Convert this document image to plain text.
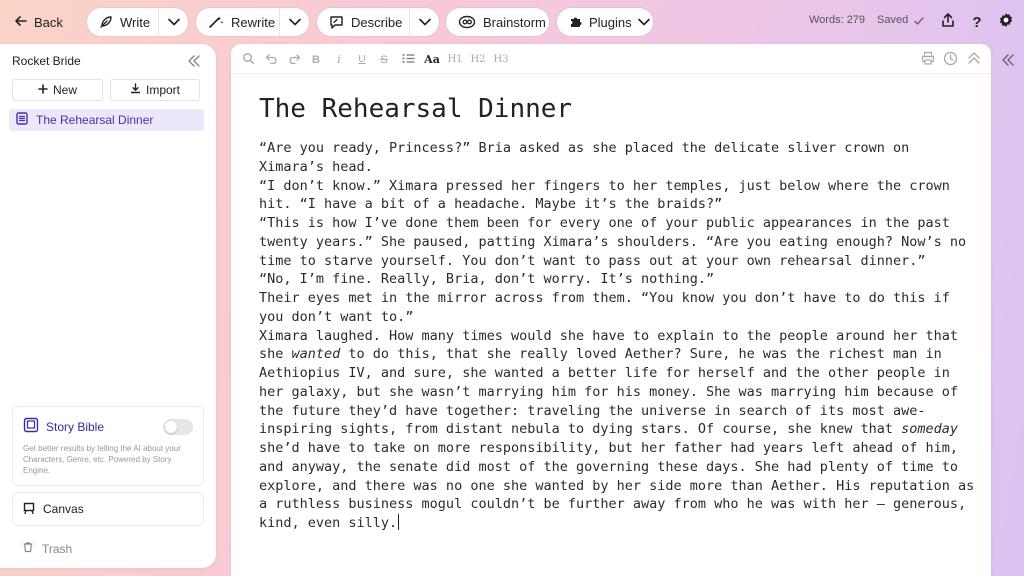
Back	Write	Rewrite	Describe	Brainstorm	Plugins	Words: 279 Saved	?
Rocket Bride
New	Import
The Rehearsal Dinner
Story Bible
Get better results by telling the AI about your Characters, Genre, etc. Powered by Story Engine.
Canvas
Trash
B i U S	Aa H1 H2 H3
The Rehearsal Dinner

“Are you ready, Princess?” Bria asked as she placed the delicate sliver crown on Ximara’s head.

“I don’t know.” Ximara pressed her fingers to her temples, just below where the crown hit. “I have a bit of a headache. Maybe it’s the braids?”

“This is how I’ve done them been for every one of your public appearances in the past twenty years.” She paused, patting Ximara’s shoulders. “Are you eating enough? Now’s no time to starve yourself. You don’t want to pass out at your own rehearsal dinner.”

“No, I’m fine. Really, Bria, don’t worry. It’s nothing.”

Their eyes met in the mirror across from them. “You know you don’t have to do this if you don’t want to.”

Ximara laughed. How many times would she have to explain to the people around her that she wanted to do this, that she really loved Aether? Sure, he was the richest man in Aethiopius IV, and sure, she wanted a better life for herself and the other people in her galaxy, but she wasn’t marrying him for his money. She was marrying him because of the future they’d have together: traveling the universe in search of its most awe-inspiring sights, from distant nebula to dying stars. Of course, she knew that someday she’d have to take on more responsibility, but her father had years left ahead of him, and anyway, the senate did most of the governing these days. She had plenty of time to explore, and there was no one she wanted by her side more than Aether. His reputation as a ruthless business mogul couldn’t be further away from who he was with her — generous, kind, even silly.
